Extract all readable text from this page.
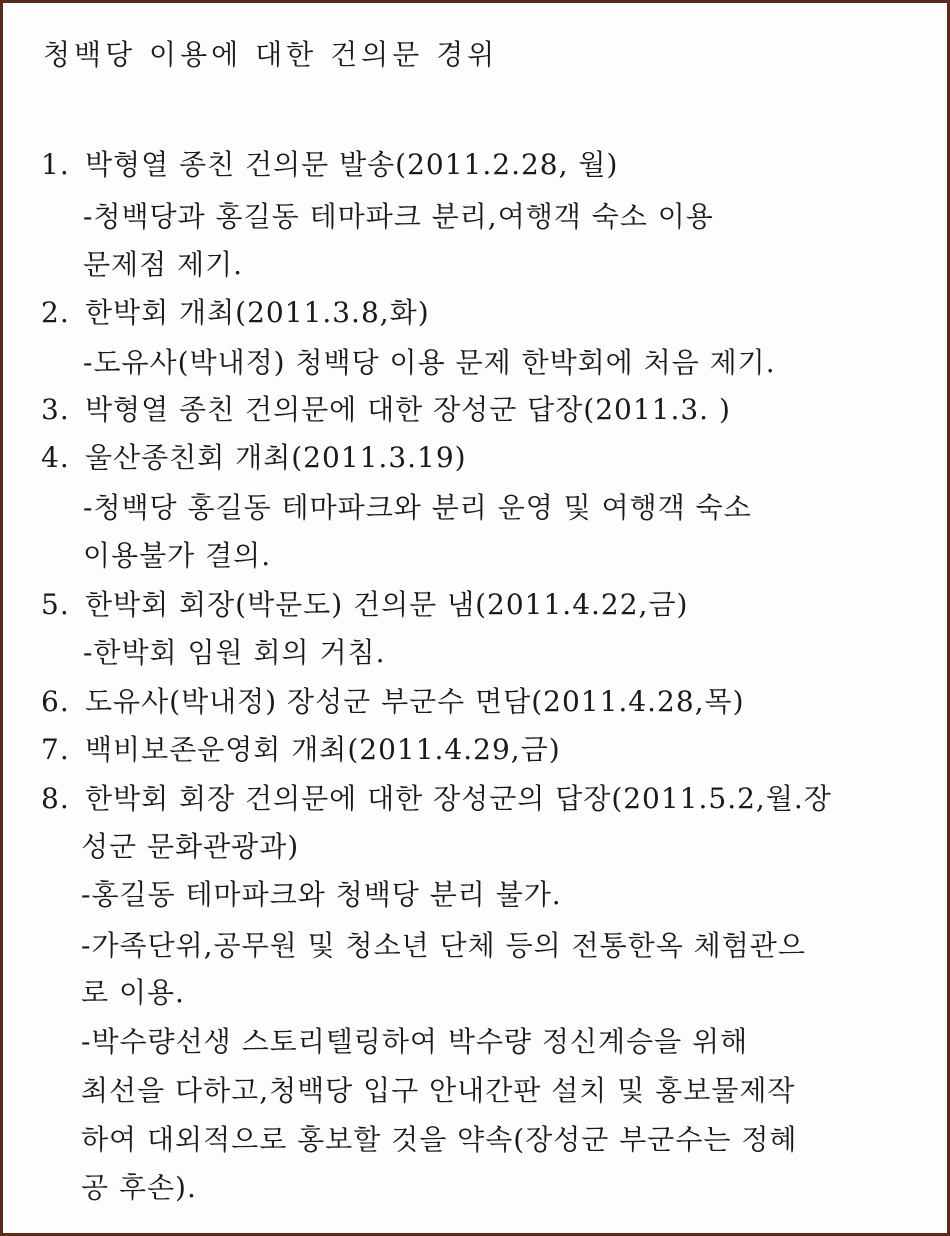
청백당 이용에 대한 건의문 경위
1. 박형열 종친 건의문 발송(2011.2.28, 월)
-청백당과 홍길동 테마파크 분리,여행객 숙소 이용
문제점 제기.
2. 한박회 개최(2011.3.8,화)
-도유사(박내정) 청백당 이용 문제 한박회에 처음 제기.
3. 박형열 종친 건의문에 대한 장성군 답장(2011.3. )
4. 울산종친회 개최(2011.3.19)
-청백당 홍길동 테마파크와 분리 운영 및 여행객 숙소
이용불가 결의.
5. 한박회 회장(박문도) 건의문 냄(2011.4.22,금)
-한박회 임원 회의 거침.
6. 도유사(박내정) 장성군 부군수 면담(2011.4.28,목)
7. 백비보존운영회 개최(2011.4.29,금)
8. 한박회 회장 건의문에 대한 장성군의 답장(2011.5.2,월.장
성군 문화관광과)
-홍길동 테마파크와 청백당 분리 불가.
-가족단위,공무원 및 청소년 단체 등의 전통한옥 체험관으
로 이용.
-박수량선생 스토리텔링하여 박수량 정신계승을 위해
최선을 다하고,청백당 입구 안내간판 설치 및 홍보물제작
하여 대외적으로 홍보할 것을 약속(장성군 부군수는 정혜
공 후손).
